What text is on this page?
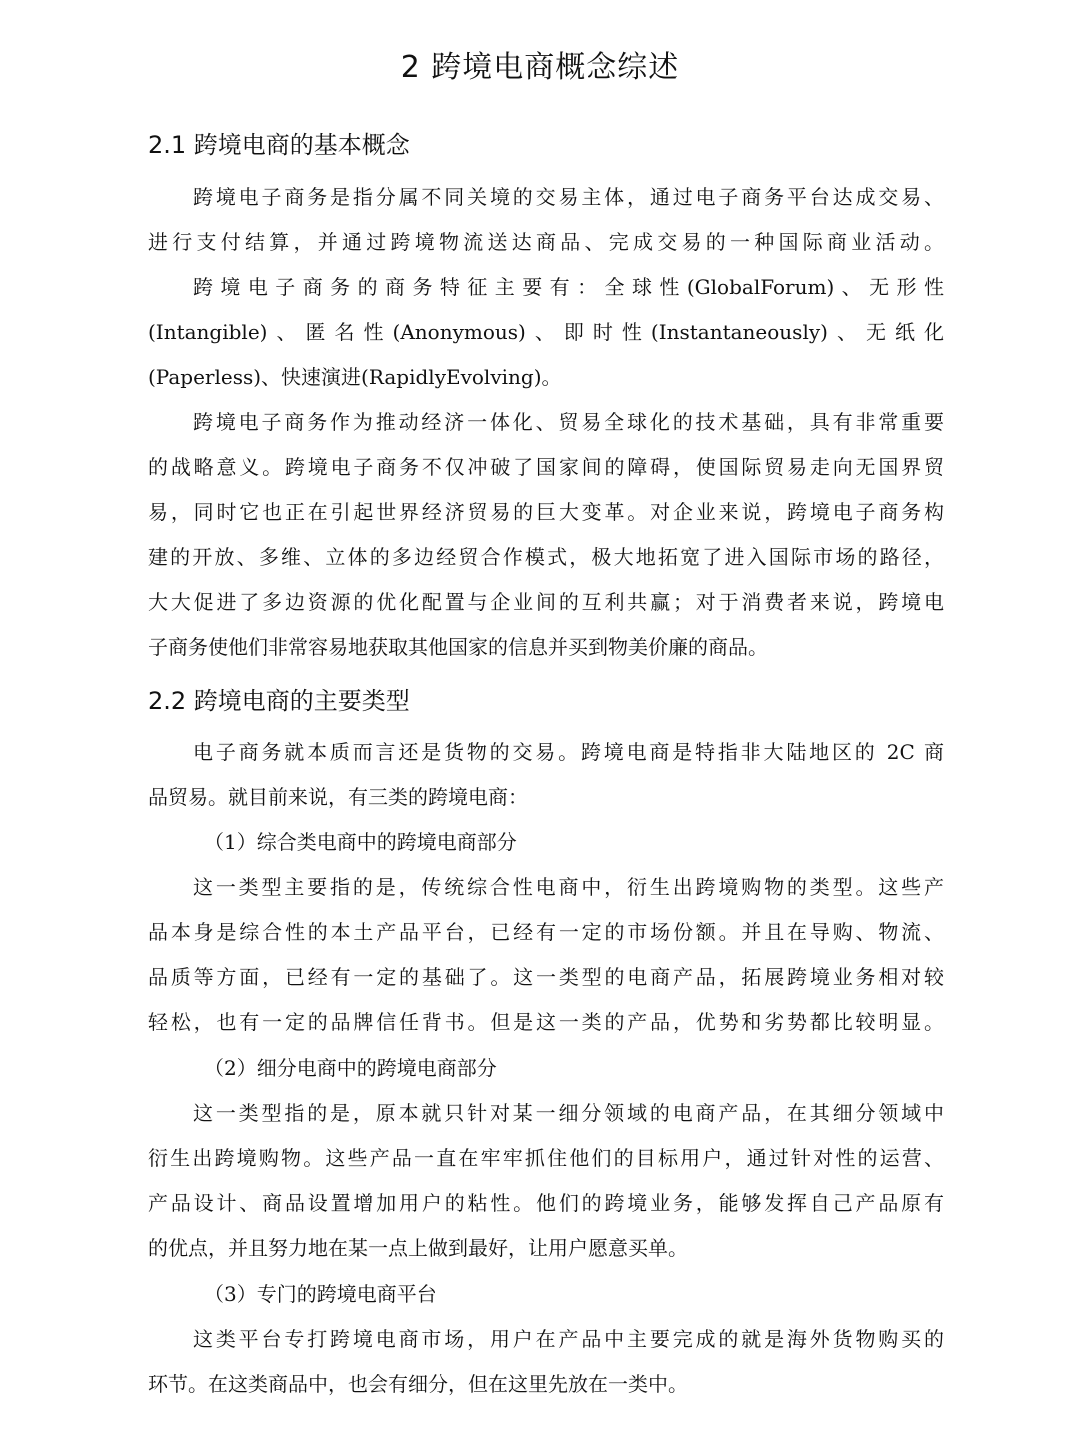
2 跨境电商概念综述
2.1 跨境电商的基本概念
跨境电子商务是指分属不同关境的交易主体，通过电子商务平台达成交易、
进行支付结算，并通过跨境物流送达商品、完成交易的一种国际商业活动。
跨境电子商务的商务特征主要有：全球性(GlobalForum)、无形性
(Intangible)、匿名性(Anonymous)、即时性(Instantaneously)、无纸化
(Paperless)、快速演进(RapidlyEvolving)。
跨境电子商务作为推动经济一体化、贸易全球化的技术基础，具有非常重要
的战略意义。跨境电子商务不仅冲破了国家间的障碍，使国际贸易走向无国界贸
易，同时它也正在引起世界经济贸易的巨大变革。对企业来说，跨境电子商务构
建的开放、多维、立体的多边经贸合作模式，极大地拓宽了进入国际市场的路径，
大大促进了多边资源的优化配置与企业间的互利共赢；对于消费者来说，跨境电
子商务使他们非常容易地获取其他国家的信息并买到物美价廉的商品。
2.2 跨境电商的主要类型
电子商务就本质而言还是货物的交易。跨境电商是特指非大陆地区的 2C 商
品贸易。就目前来说，有三类的跨境电商：
（1）综合类电商中的跨境电商部分
这一类型主要指的是，传统综合性电商中，衍生出跨境购物的类型。这些产
品本身是综合性的本土产品平台，已经有一定的市场份额。并且在导购、物流、
品质等方面，已经有一定的基础了。这一类型的电商产品，拓展跨境业务相对较
轻松，也有一定的品牌信任背书。但是这一类的产品，优势和劣势都比较明显。
（2）细分电商中的跨境电商部分
这一类型指的是，原本就只针对某一细分领域的电商产品，在其细分领域中
衍生出跨境购物。这些产品一直在牢牢抓住他们的目标用户，通过针对性的运营、
产品设计、商品设置增加用户的粘性。他们的跨境业务，能够发挥自己产品原有
的优点，并且努力地在某一点上做到最好，让用户愿意买单。
（3）专门的跨境电商平台
这类平台专打跨境电商市场，用户在产品中主要完成的就是海外货物购买的
环节。在这类商品中，也会有细分，但在这里先放在一类中。
